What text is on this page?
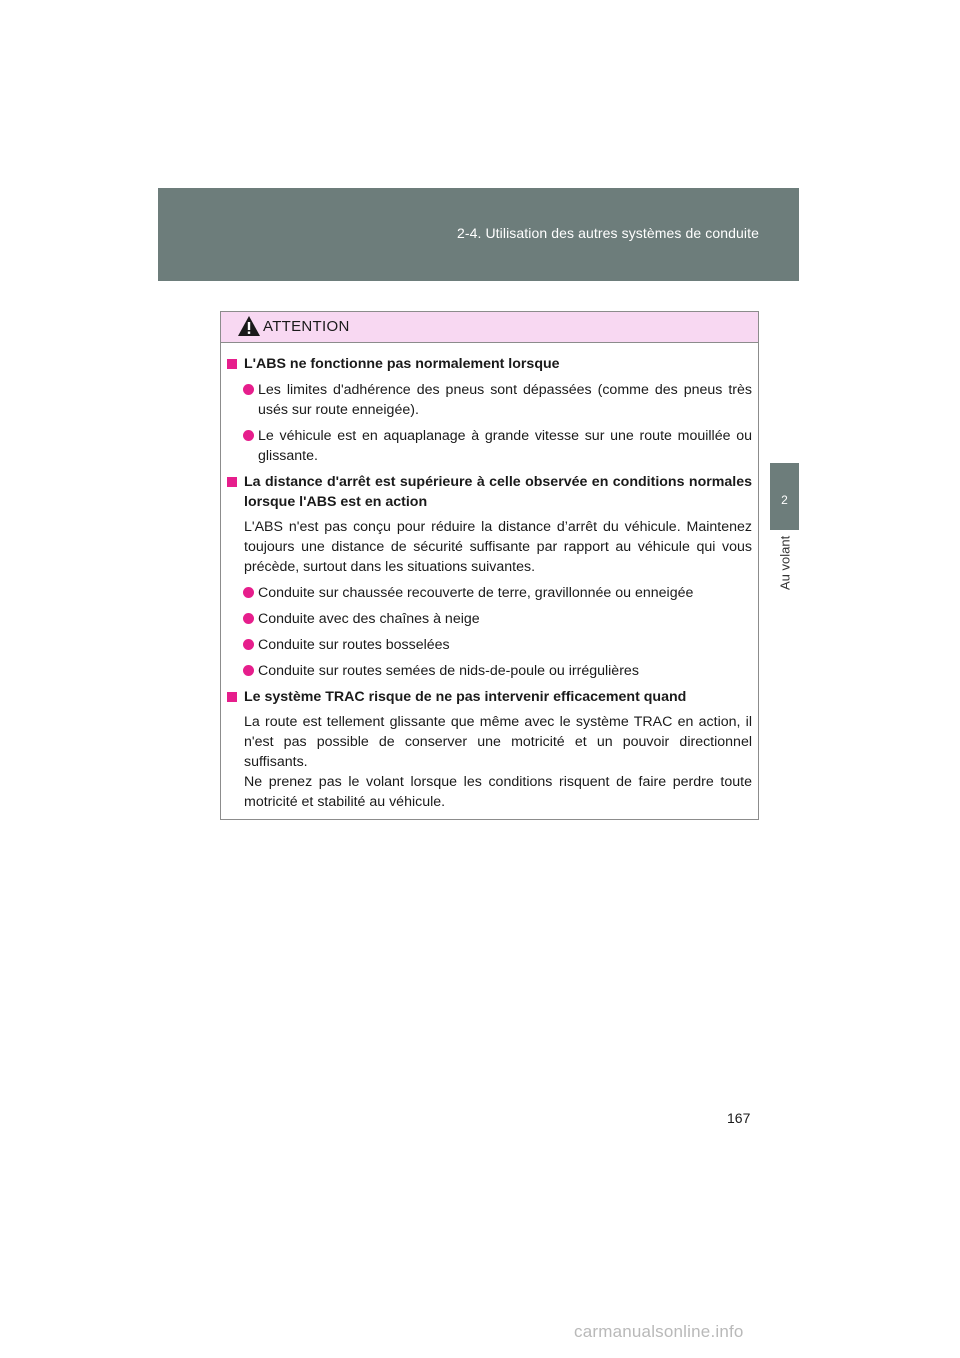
2-4. Utilisation des autres systèmes de conduite
2
Au volant
ATTENTION
L'ABS ne fonctionne pas normalement lorsque
Les limites d'adhérence des pneus sont dépassées (comme des pneus très usés sur route enneigée).
Le véhicule est en aquaplanage à grande vitesse sur une route mouillée ou glissante.
La distance d'arrêt est supérieure à celle observée en conditions normales lorsque l'ABS est en action
L'ABS n'est pas conçu pour réduire la distance d’arrêt du véhicule. Maintenez toujours une distance de sécurité suffisante par rapport au véhicule qui vous précède, surtout dans les situations suivantes.
Conduite sur chaussée recouverte de terre, gravillonnée ou enneigée
Conduite avec des chaînes à neige
Conduite sur routes bosselées
Conduite sur routes semées de nids-de-poule ou irrégulières
Le système TRAC risque de ne pas intervenir efficacement quand
La route est tellement glissante que même avec le système TRAC en action, il n'est pas possible de conserver une motricité et un pouvoir directionnel suffisants.
Ne prenez pas le volant lorsque les conditions risquent de faire perdre toute motricité et stabilité au véhicule.
167
carmanualsonline.info
